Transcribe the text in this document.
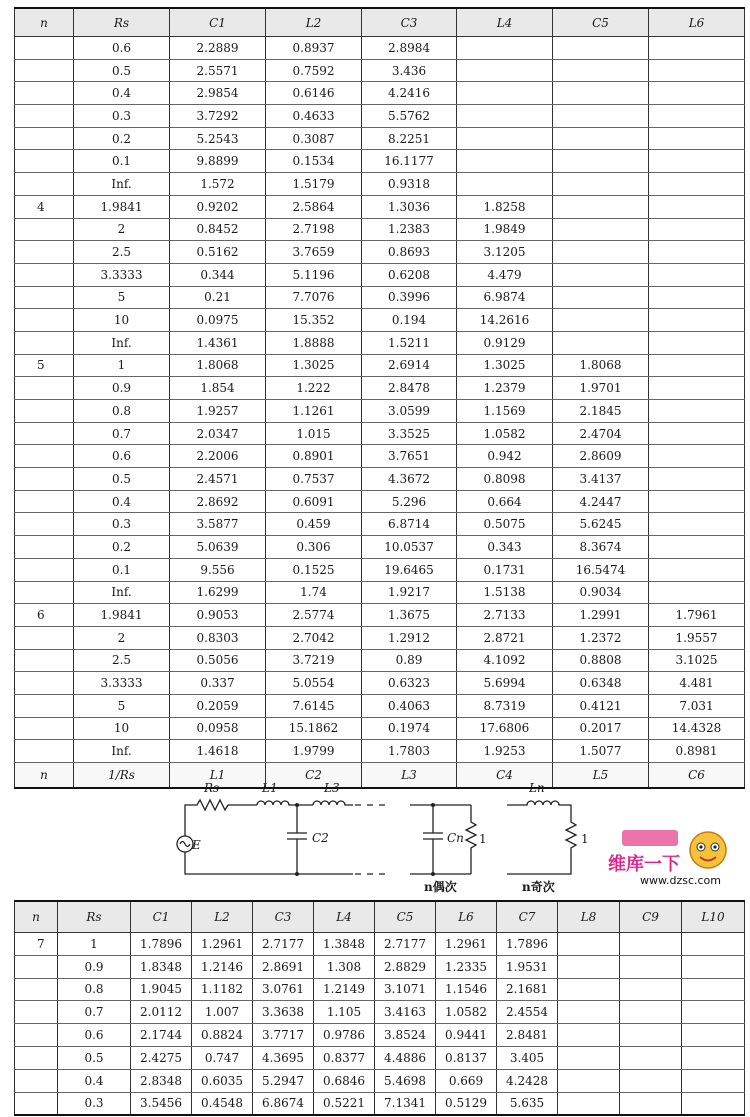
n	Rs	C1	L2	C3	L4	C5	L6
	0.6	2.2889	0.8937	2.8984			
	0.5	2.5571	0.7592	3.436			
	0.4	2.9854	0.6146	4.2416			
	0.3	3.7292	0.4633	5.5762			
	0.2	5.2543	0.3087	8.2251			
	0.1	9.8899	0.1534	16.1177			
	Inf.	1.572	1.5179	0.9318			
4	1.9841	0.9202	2.5864	1.3036	1.8258		
	2	0.8452	2.7198	1.2383	1.9849		
	2.5	0.5162	3.7659	0.8693	3.1205		
	3.3333	0.344	5.1196	0.6208	4.479		
	5	0.21	7.7076	0.3996	6.9874		
	10	0.0975	15.352	0.194	14.2616		
	Inf.	1.4361	1.8888	1.5211	0.9129		
5	1	1.8068	1.3025	2.6914	1.3025	1.8068	
	0.9	1.854	1.222	2.8478	1.2379	1.9701	
	0.8	1.9257	1.1261	3.0599	1.1569	2.1845	
	0.7	2.0347	1.015	3.3525	1.0582	2.4704	
	0.6	2.2006	0.8901	3.7651	0.942	2.8609	
	0.5	2.4571	0.7537	4.3672	0.8098	3.4137	
	0.4	2.8692	0.6091	5.296	0.664	4.2447	
	0.3	3.5877	0.459	6.8714	0.5075	5.6245	
	0.2	5.0639	0.306	10.0537	0.343	8.3674	
	0.1	9.556	0.1525	19.6465	0.1731	16.5474	
	Inf.	1.6299	1.74	1.9217	1.5138	0.9034	
6	1.9841	0.9053	2.5774	1.3675	2.7133	1.2991	1.7961
	2	0.8303	2.7042	1.2912	2.8721	1.2372	1.9557
	2.5	0.5056	3.7219	0.89	4.1092	0.8808	3.1025
	3.3333	0.337	5.0554	0.6323	5.6994	0.6348	4.481
	5	0.2059	7.6145	0.4063	8.7319	0.4121	7.031
	10	0.0958	15.1862	0.1974	17.6806	0.2017	14.4328
	Inf.	1.4618	1.9799	1.7803	1.9253	1.5077	0.8981
n	1/Rs	L1	C2	L3	C4	L5	C6
Rs	L1	L3
C2
E	Cn 1
Ln
1
n偶次	n奇次
维库一下
www.dzsc.com
n	Rs	C1	L2	C3	L4	C5	L6	C7	L8	C9	L10
7	1	1.7896	1.2961	2.7177	1.3848	2.7177	1.2961	1.7896			
	0.9	1.8348	1.2146	2.8691	1.308	2.8829	1.2335	1.9531			
	0.8	1.9045	1.1182	3.0761	1.2149	3.1071	1.1546	2.1681			
	0.7	2.0112	1.007	3.3638	1.105	3.4163	1.0582	2.4554			
	0.6	2.1744	0.8824	3.7717	0.9786	3.8524	0.9441	2.8481			
	0.5	2.4275	0.747	4.3695	0.8377	4.4886	0.8137	3.405			
	0.4	2.8348	0.6035	5.2947	0.6846	5.4698	0.669	4.2428			
	0.3	3.5456	0.4548	6.8674	0.5221	7.1341	0.5129	5.635			
